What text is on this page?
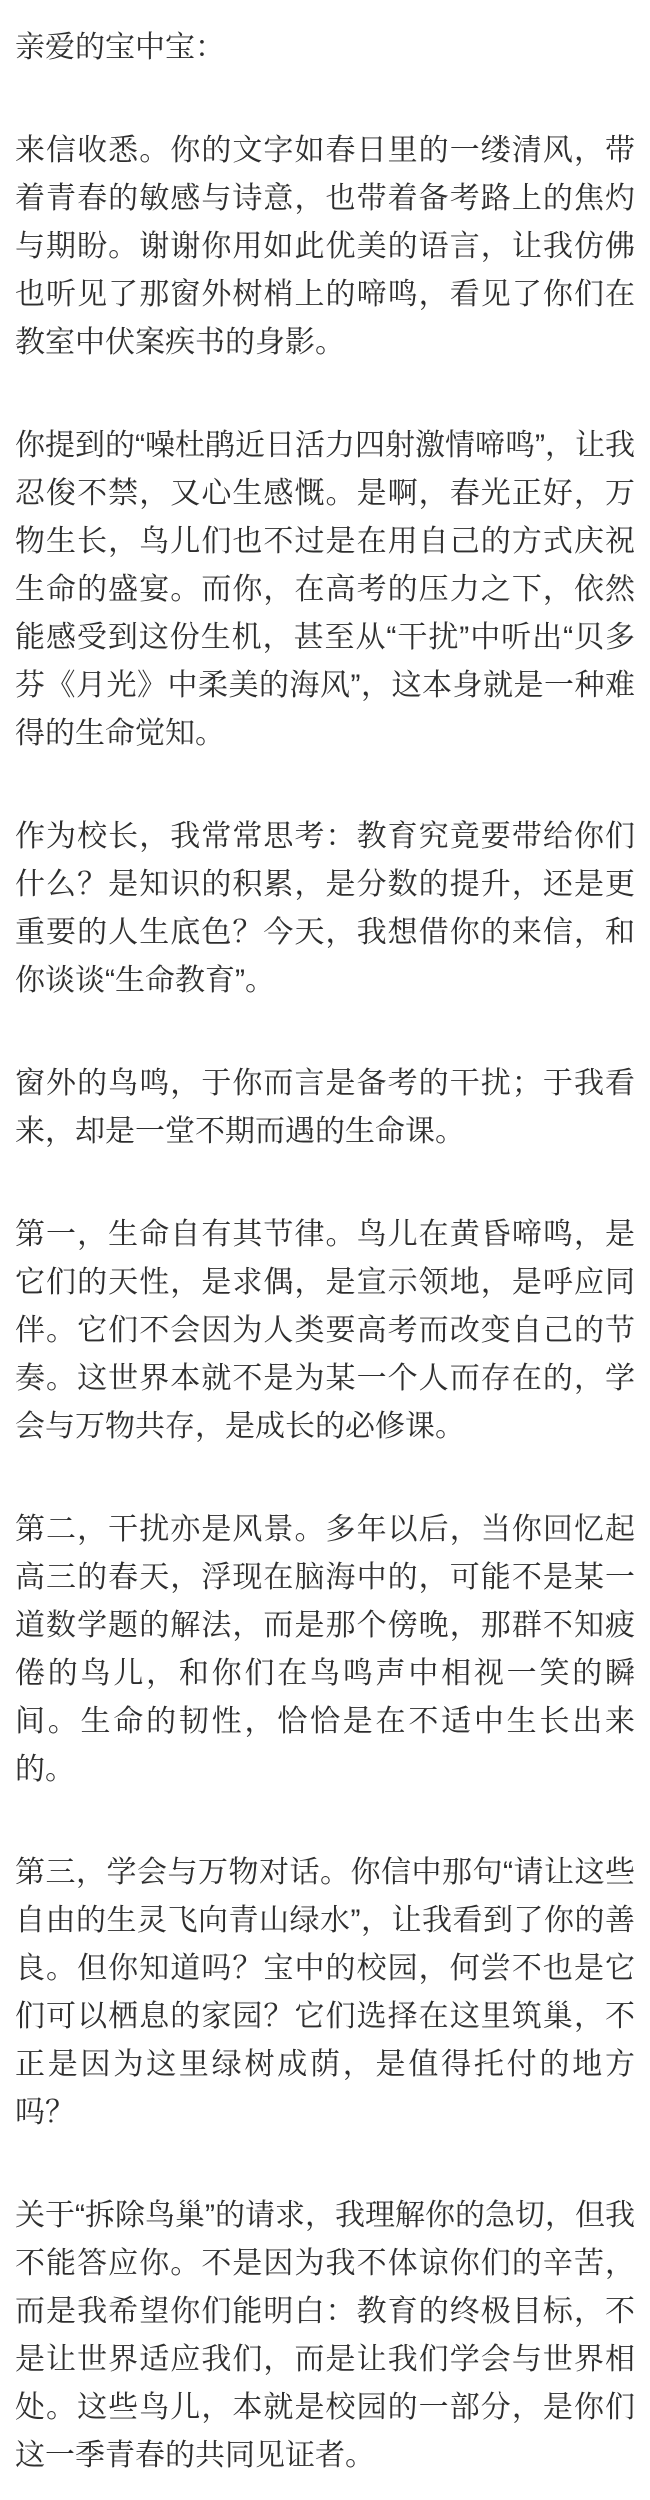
亲爱的宝中宝：

来信收悉。你的文字如春日里的一缕清风，带着青春的敏感与诗意，也带着备考路上的焦灼与期盼。谢谢你用如此优美的语言，让我仿佛也听见了那窗外树梢上的啼鸣，看见了你们在教室中伏案疾书的身影。

你提到的“噪杜鹃近日活力四射激情啼鸣”，让我忍俊不禁，又心生感慨。是啊，春光正好，万物生长，鸟儿们也不过是在用自己的方式庆祝生命的盛宴。而你，在高考的压力之下，依然能感受到这份生机，甚至从“干扰”中听出“贝多芬《月光》中柔美的海风”，这本身就是一种难得的生命觉知。

作为校长，我常常思考：教育究竟要带给你们什么？是知识的积累，是分数的提升，还是更重要的人生底色？今天，我想借你的来信，和你谈谈“生命教育”。

窗外的鸟鸣，于你而言是备考的干扰；于我看来，却是一堂不期而遇的生命课。

第一，生命自有其节律。鸟儿在黄昏啼鸣，是它们的天性，是求偶，是宣示领地，是呼应同伴。它们不会因为人类要高考而改变自己的节奏。这世界本就不是为某一个人而存在的，学会与万物共存，是成长的必修课。

第二，干扰亦是风景。多年以后，当你回忆起高三的春天，浮现在脑海中的，可能不是某一道数学题的解法，而是那个傍晚，那群不知疲倦的鸟儿，和你们在鸟鸣声中相视一笑的瞬间。生命的韧性，恰恰是在不适中生长出来的。

第三，学会与万物对话。你信中那句“请让这些自由的生灵飞向青山绿水”，让我看到了你的善良。但你知道吗？宝中的校园，何尝不也是它们可以栖息的家园？它们选择在这里筑巢，不正是因为这里绿树成荫，是值得托付的地方吗？

关于“拆除鸟巢”的请求，我理解你的急切，但我不能答应你。不是因为我不体谅你们的辛苦，而是我希望你们能明白：教育的终极目标，不是让世界适应我们，而是让我们学会与世界相处。这些鸟儿，本就是校园的一部分，是你们这一季青春的共同见证者。
